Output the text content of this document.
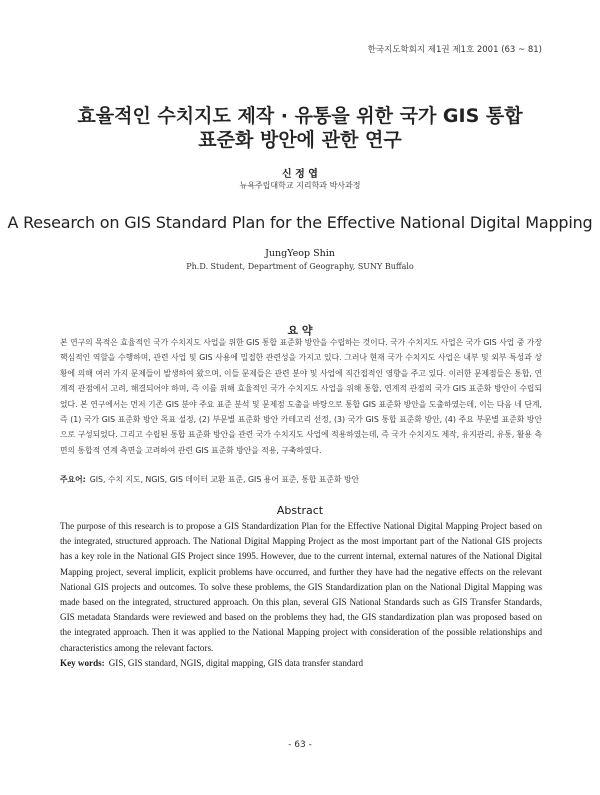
한국지도학회지 제1권 제1호 2001 (63 ~ 81)
효율적인 수치지도 제작 · 유통을 위한 국가 GIS 통합
표준화 방안에 관한 연구
신 정 엽
뉴욕주립대학교 지리학과 박사과정
A Research on GIS Standard Plan for the Effective National Digital Mapping
JungYeop Shin
Ph.D. Student, Department of Geography, SUNY Buffalo
요 약
본 연구의 목적은 효율적인 국가 수치지도 사업을 위한 GIS 통합 표준화 방안을 수립하는 것이다. 국가 수치지도 사업은 국가 GIS 사업 중 가장 핵심적인 역할을 수행하며, 관련 사업 및 GIS 사용에 밀접한 관련성을 가지고 있다. 그러나 현재 국가 수치지도 사업은 내부 및 외부 특성과 상황에 의해 여러 가지 문제들이 발생하여 왔으며, 이들 문제들은 관련 분야 및 사업에 직간접적인 영향을 주고 있다. 이러한 문제점들은 통합, 연계적 관점에서 고려, 해결되어야 하며, 즉 이를 위해 효율적인 국가 수치지도 사업을 위해 통합, 연계적 관점의 국가 GIS 표준화 방안이 수립되었다. 본 연구에서는 먼저 기존 GIS 분야 주요 표준 분석 및 문제점 도출을 바탕으로 통합 GIS 표준화 방안을 도출하였는데, 이는 다음 네 단계, 즉 (1) 국가 GIS 표준화 방안 목표 설정, (2) 부문별 표준화 방안 카테고리 선정, (3) 국가 GIS 통합 표준화 방안, (4) 주요 부문별 표준화 방안으로 구성되었다. 그리고 수립된 통합 표준화 방안을 관련 국가 수치지도 사업에 적용하였는데, 즉 국가 수치지도 제작, 유지관리, 유통, 활용 측면의 통합적 연계 측면을 고려하여 관련 GIS 표준화 방안을 적용, 구축하였다.
주요어: GIS, 수치 지도, NGIS, GIS 데이터 교환 표준, GIS 용어 표준, 통합 표준화 방안
Abstract
The purpose of this research is to propose a GIS Standardization Plan for the Effective National Digital Mapping Project based on the integrated, structured approach. The National Digital Mapping Project as the most important part of the National GIS projects has a key role in the National GIS Project since 1995. However, due to the current internal, external natures of the National Digital Mapping project, several implicit, explicit problems have occurred, and further they have had the negative effects on the relevant National GIS projects and outcomes. To solve these problems, the GIS Standardization plan on the National Digital Mapping was made based on the integrated, structured approach. On this plan, several GIS National Standards such as GIS Transfer Standards, GIS metadata Standards were reviewed and based on the problems they had, the GIS standardization plan was proposed based on the integrated approach. Then it was applied to the National Mapping project with consideration of the possible relationships and characteristics among the relevant factors.
Key words: GIS, GIS standard, NGIS, digital mapping, GIS data transfer standard
- 63 -
